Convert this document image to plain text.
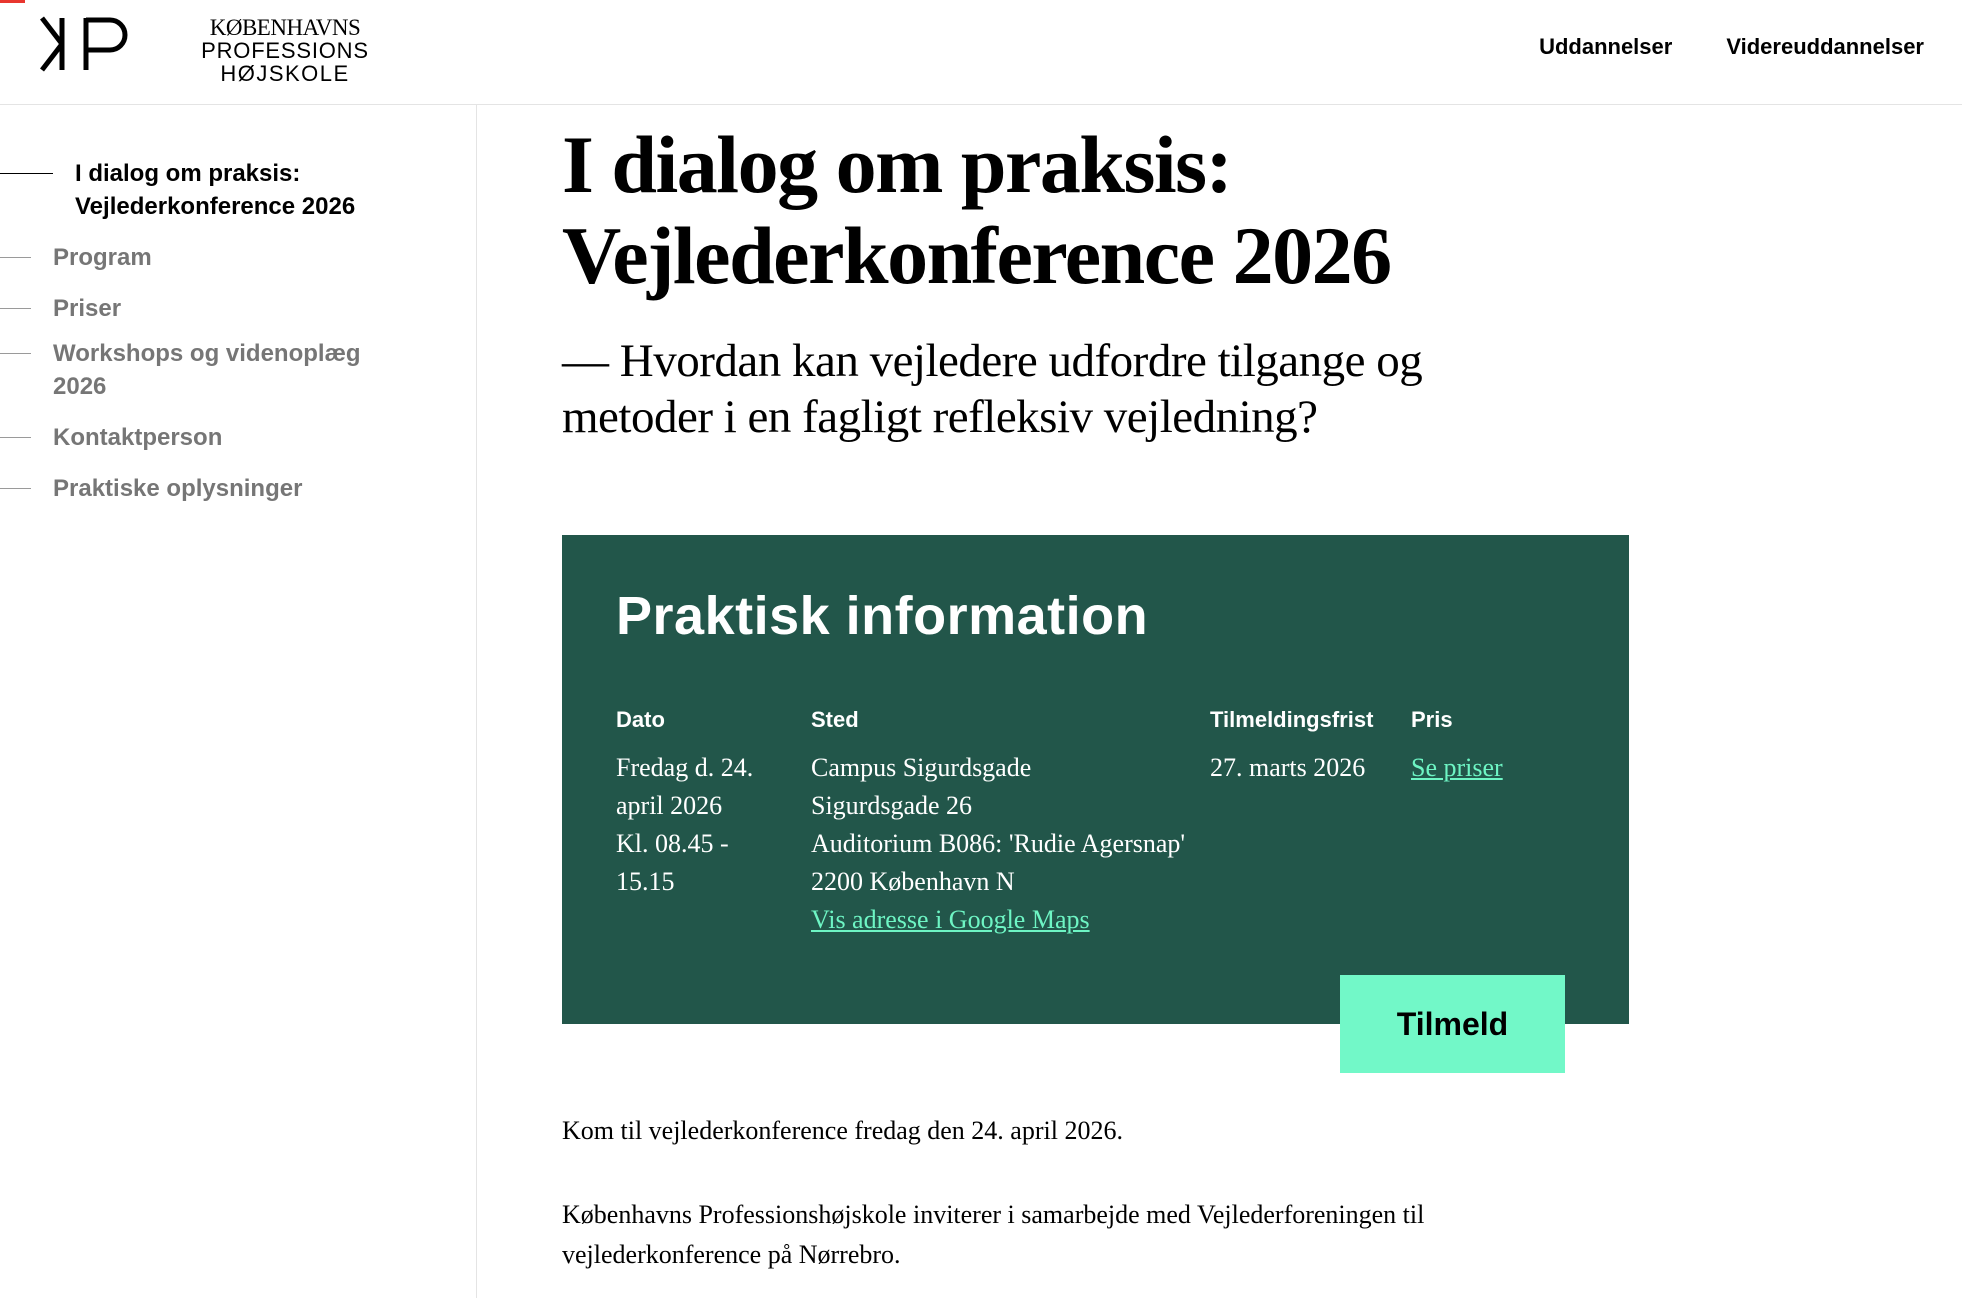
KØBENHAVNS
PROFESSIONS
HØJSKOLE
Uddannelser Videreuddannelser
I dialog om praksis: Vejlederkonference 2026
Program
Priser
Workshops og videnoplæg 2026
Kontaktperson
Praktiske oplysninger
I dialog om praksis: Vejlederkonference 2026

— Hvordan kan vejledere udfordre tilgange og metoder i en fagligt refleksiv vejledning?

Praktisk information
Dato
Fredag d. 24.
april 2026
Kl. 08.45 -
15.15
Sted
Campus Sigurdsgade
Sigurdsgade 26
Auditorium B086: 'Rudie Agersnap'
2200 København N
Vis adresse i Google Maps
Tilmeldingsfrist
27. marts 2026
Pris
Se priser
Tilmeld

Kom til vejlederkonference fredag den 24. april 2026.

Københavns Professionshøjskole inviterer i samarbejde med Vejlederforeningen til vejlederkonference på Nørrebro.
